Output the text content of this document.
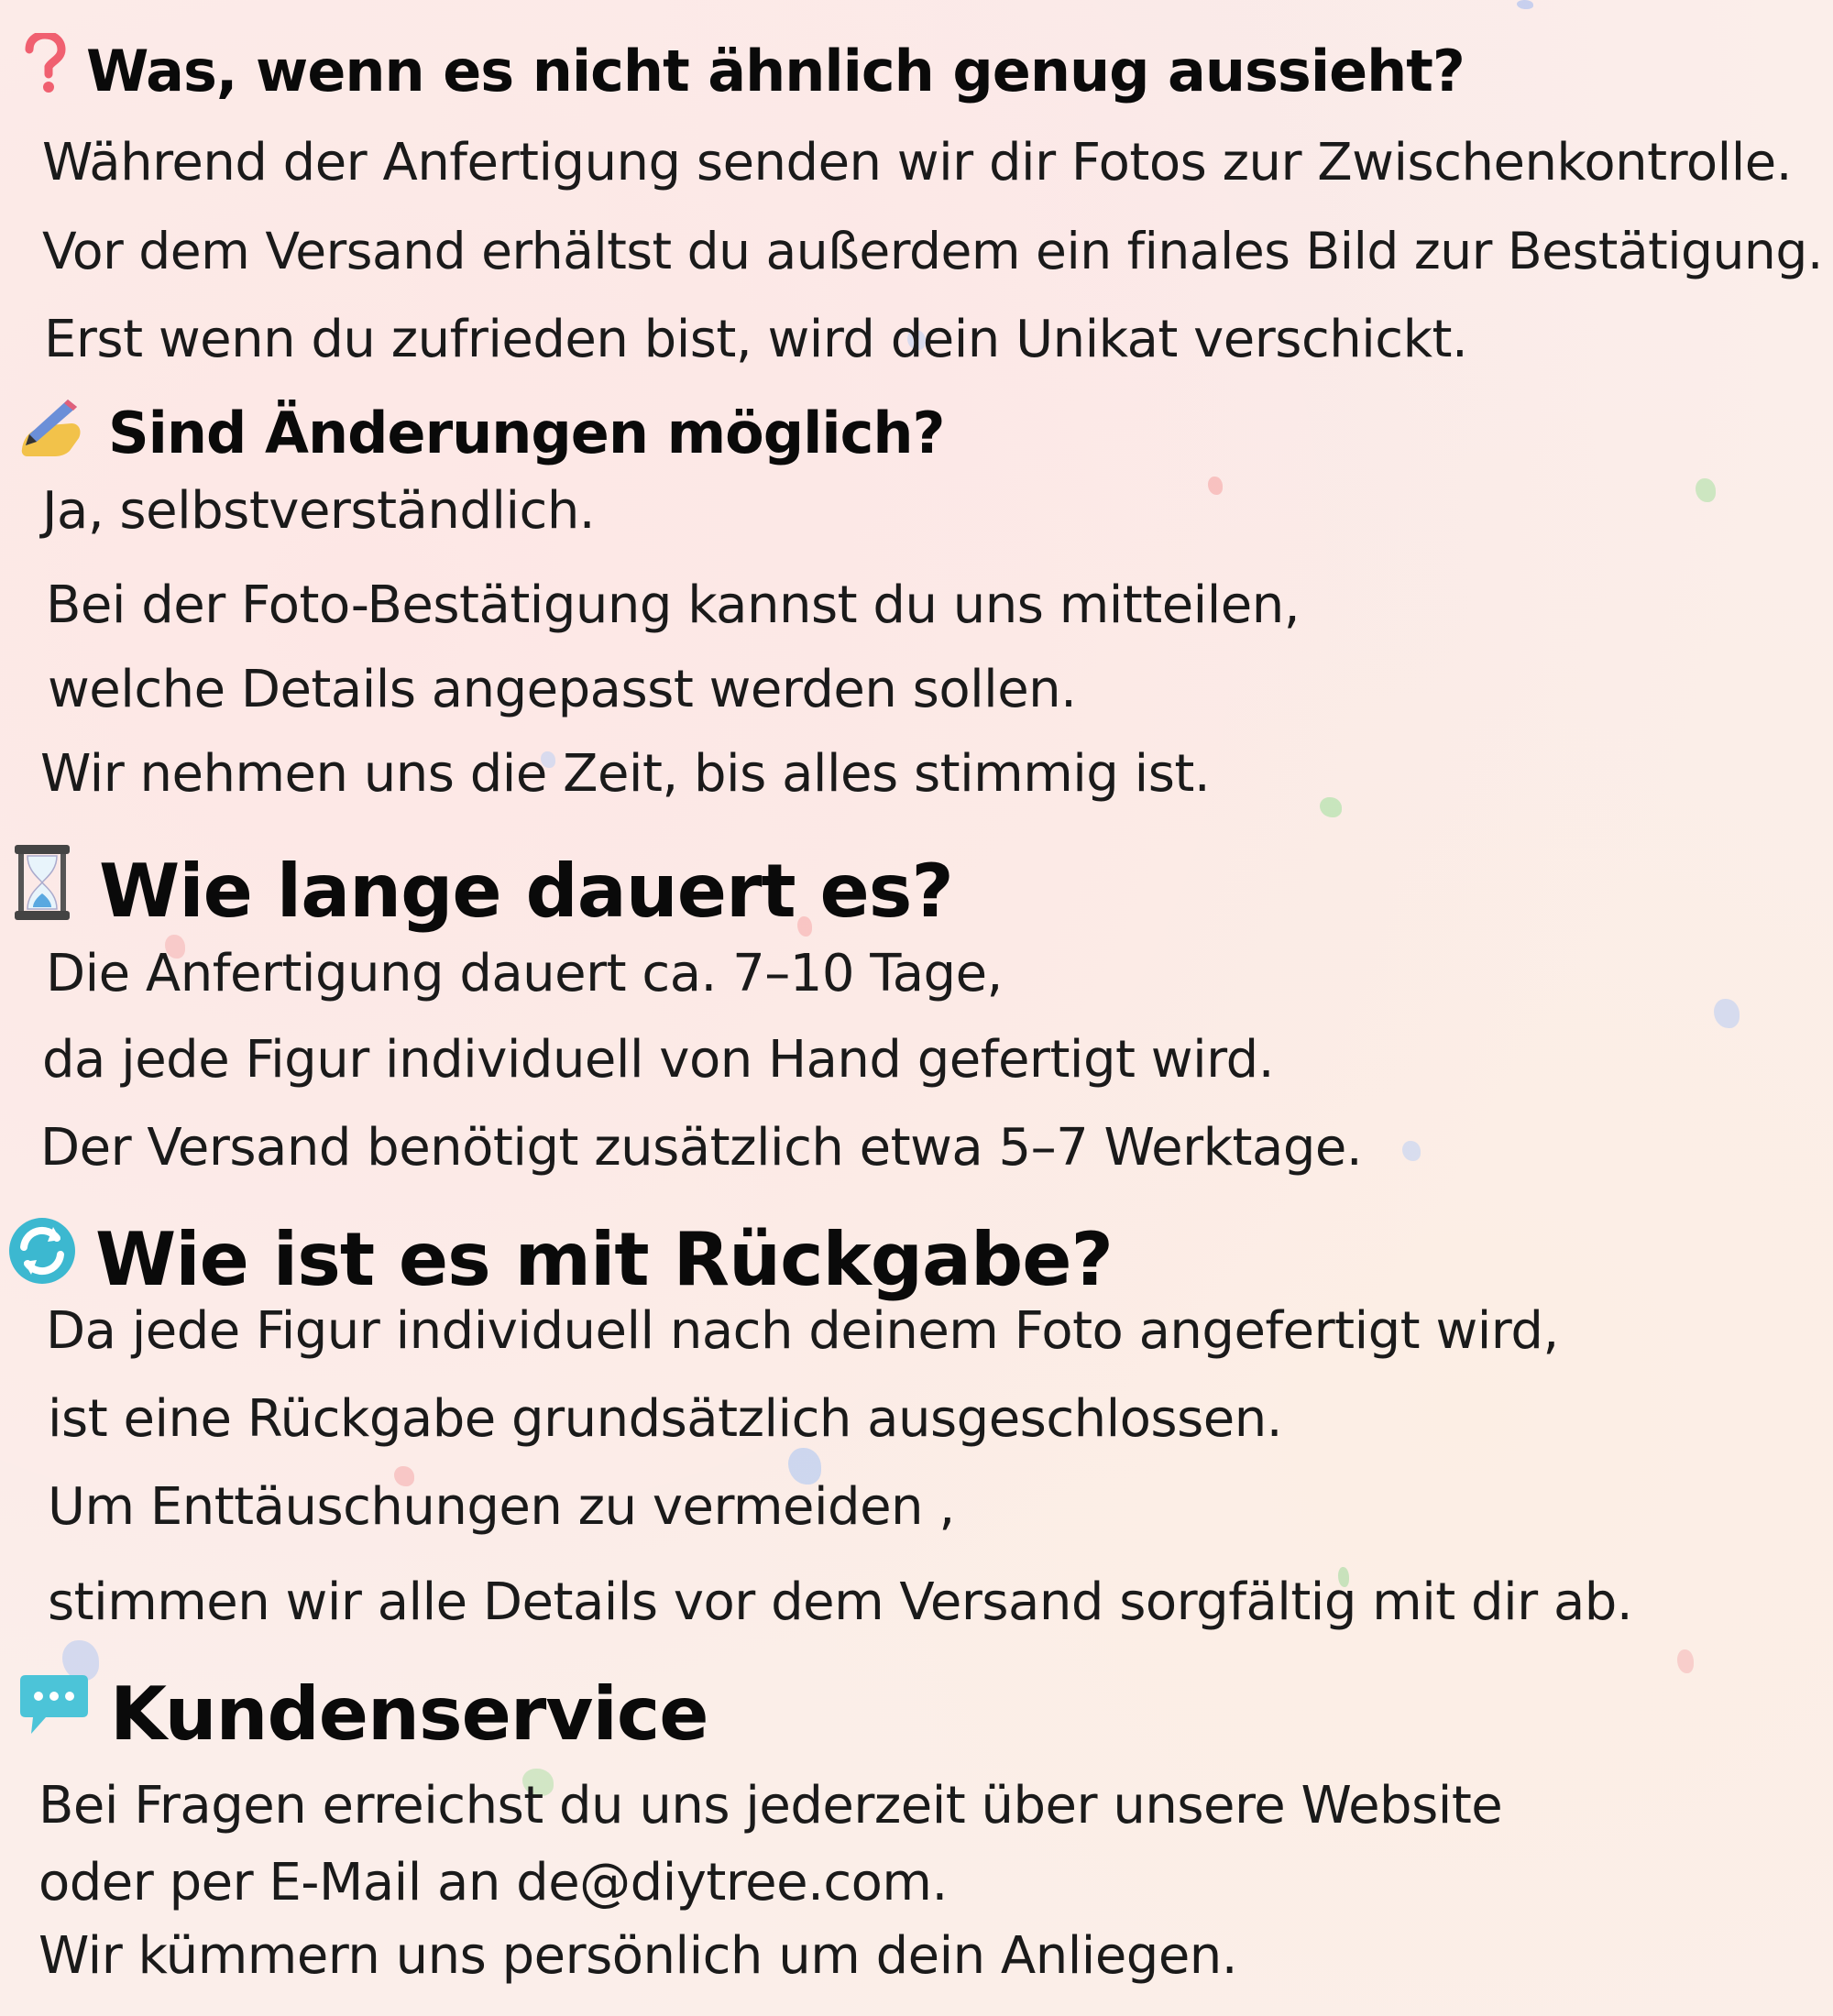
Was, wenn es nicht ähnlich genug aussieht?
Während der Anfertigung senden wir dir Fotos zur Zwischenkontrolle.
Vor dem Versand erhältst du außerdem ein finales Bild zur Bestätigung.
Erst wenn du zufrieden bist, wird dein Unikat verschickt.
Sind Änderungen möglich?
Ja, selbstverständlich.
Bei der Foto-Bestätigung kannst du uns mitteilen,
welche Details angepasst werden sollen.
Wir nehmen uns die Zeit, bis alles stimmig ist.
Wie lange dauert es?
Die Anfertigung dauert ca. 7–10 Tage,
da jede Figur individuell von Hand gefertigt wird.
Der Versand benötigt zusätzlich etwa 5–7 Werktage.
Wie ist es mit Rückgabe?
Da jede Figur individuell nach deinem Foto angefertigt wird,
ist eine Rückgabe grundsätzlich ausgeschlossen.
Um Enttäuschungen zu vermeiden ,
stimmen wir alle Details vor dem Versand sorgfältig mit dir ab.
Kundenservice
Bei Fragen erreichst du uns jederzeit über unsere Website
oder per E-Mail an de@diytree.com.
Wir kümmern uns persönlich um dein Anliegen.
